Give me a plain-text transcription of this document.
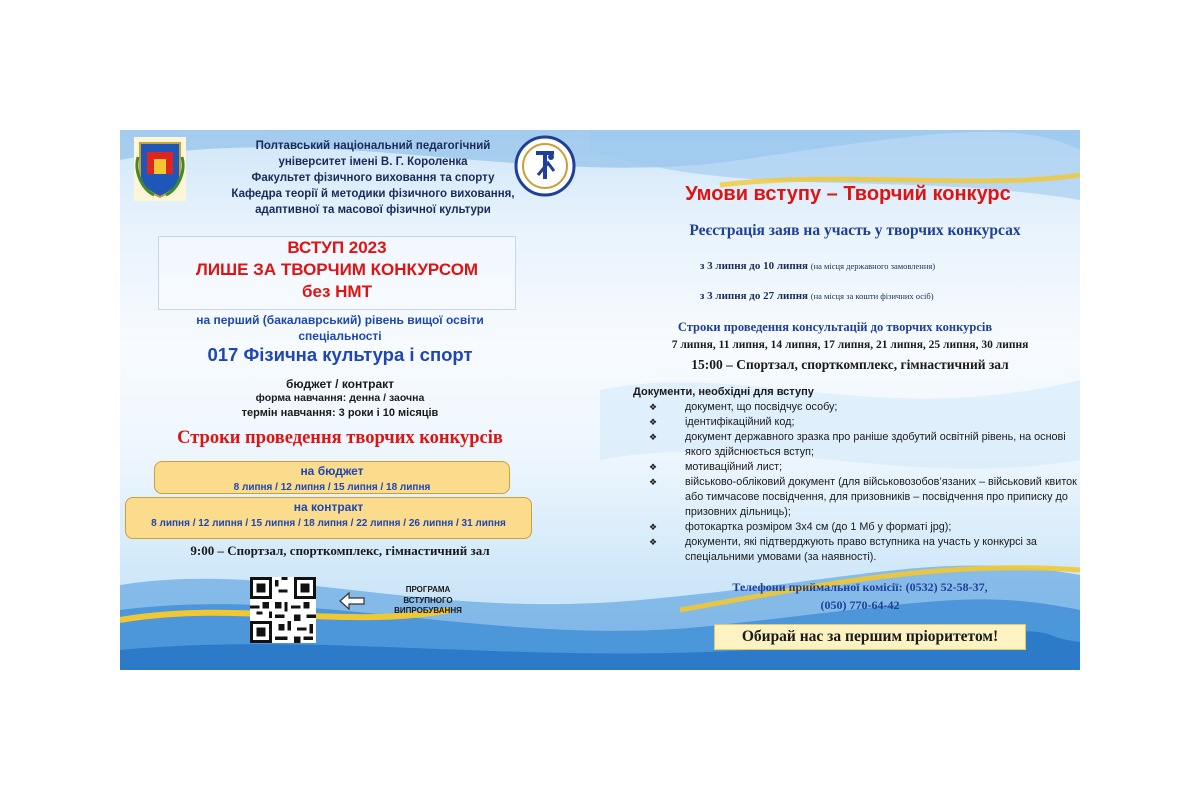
Полтавський національний педагогічний
університет імені В. Г. Короленка
Факультет фізичного виховання та спорту
Кафедра теорії й методики фізичного виховання,
адаптивної та масової фізичної культури
ВСТУП 2023
ЛИШЕ ЗА ТВОРЧИМ КОНКУРСОМ
без НМТ
на перший (бакалаврський) рівень вищої освіти
спеціальності
017 Фізична культура і спорт
бюджет / контракт
форма навчання: денна / заочна
термін навчання: 3 роки і 10 місяців
Строки проведення творчих конкурсів
на бюджет
8 липня / 12 липня / 15 липня / 18 липня
на контракт
8 липня / 12 липня / 15 липня / 18 липня / 22 липня / 26 липня / 31 липня
9:00 – Спортзал, спорткомплекс, гімнастичний зал
ПРОГРАМА
ВСТУПНОГО
ВИПРОБУВАННЯ
Умови вступу – Творчий конкурс
Реєстрація заяв на участь у творчих конкурсах
з 3 липня до 10 липня (на місця державного замовлення)
з 3 липня до 27 липня (на місця за кошти фізичних осіб)
Строки проведення консультацій до творчих конкурсів
7 липня, 11 липня, 14 липня, 17 липня, 21 липня, 25 липня, 30 липня
15:00 – Спортзал, спорткомплекс, гімнастичний зал
Документи, необхідні для вступу
❖	документ, що посвідчує особу;
❖	ідентифікаційний код;
❖	документ державного зразка про раніше здобутий освітній рівень, на основі якого здійснюється вступ;
❖	мотиваційний лист;
❖	військово-обліковий документ (для військовозобов’язаних – військовий квиток або тимчасове посвідчення, для призовників – посвідчення про приписку до призовних дільниць);
❖	фотокартка розміром 3х4 см (до 1 Мб у форматі jpg);
❖	документи, які підтверджують право вступника на участь у конкурсі за спеціальними умовами (за наявності).
Телефони приймальної комісії: (0532) 52-58-37,
(050) 770-64-42
Обирай нас за першим пріоритетом!
